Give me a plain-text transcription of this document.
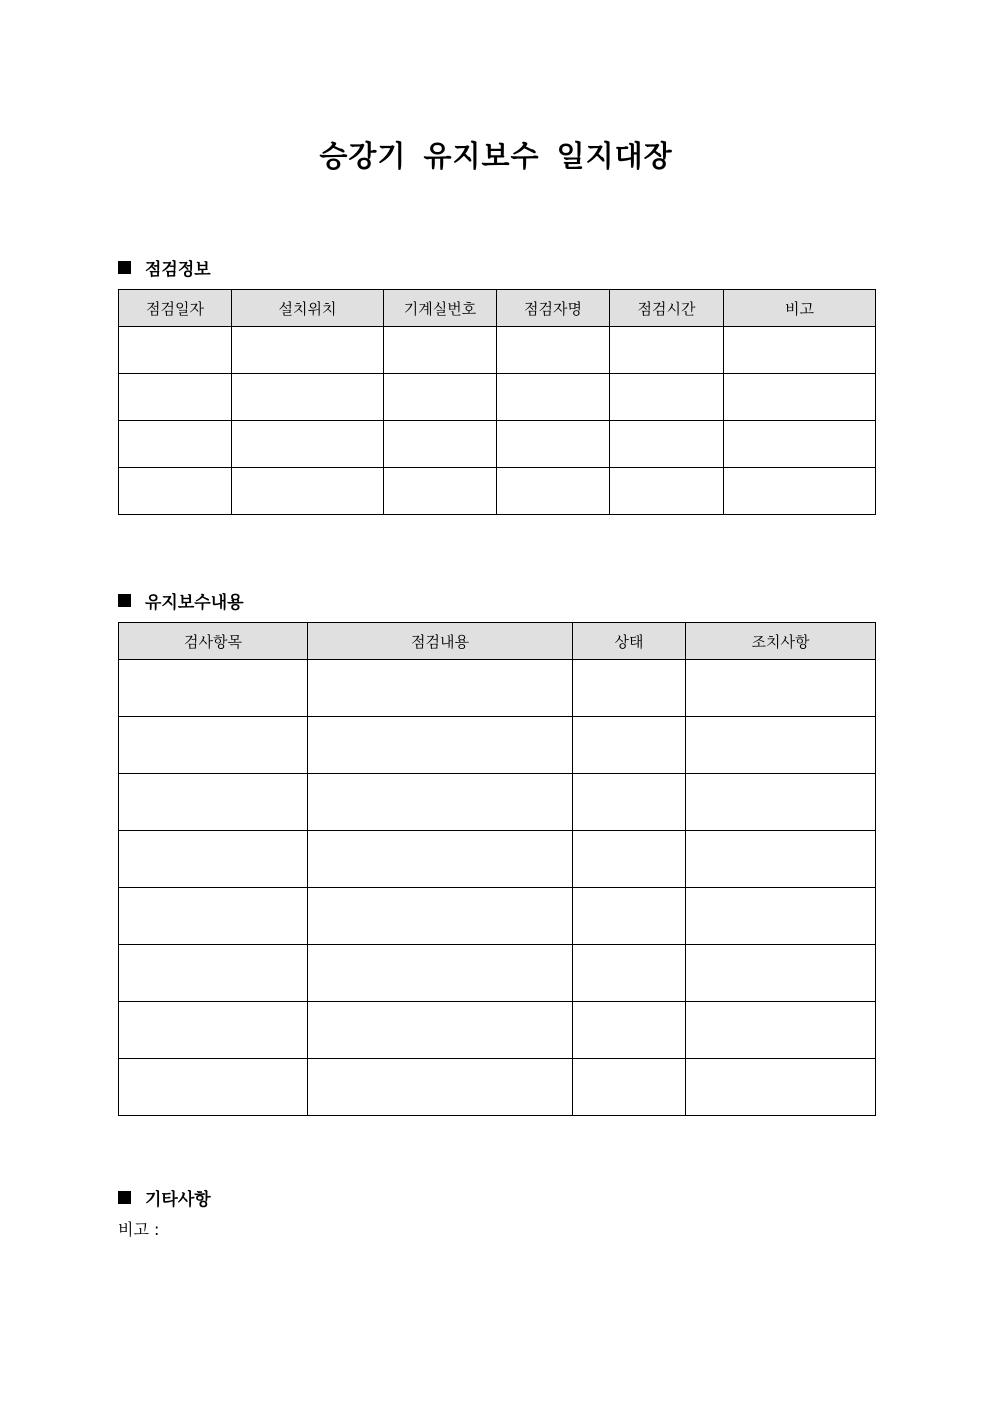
승강기 유지보수 일지대장
점검정보
점검일자	설치위치	기계실번호	점검자명	점검시간	비고

유지보수내용
검사항목	점검내용	상태	조치사항

기타사항
비고 :
